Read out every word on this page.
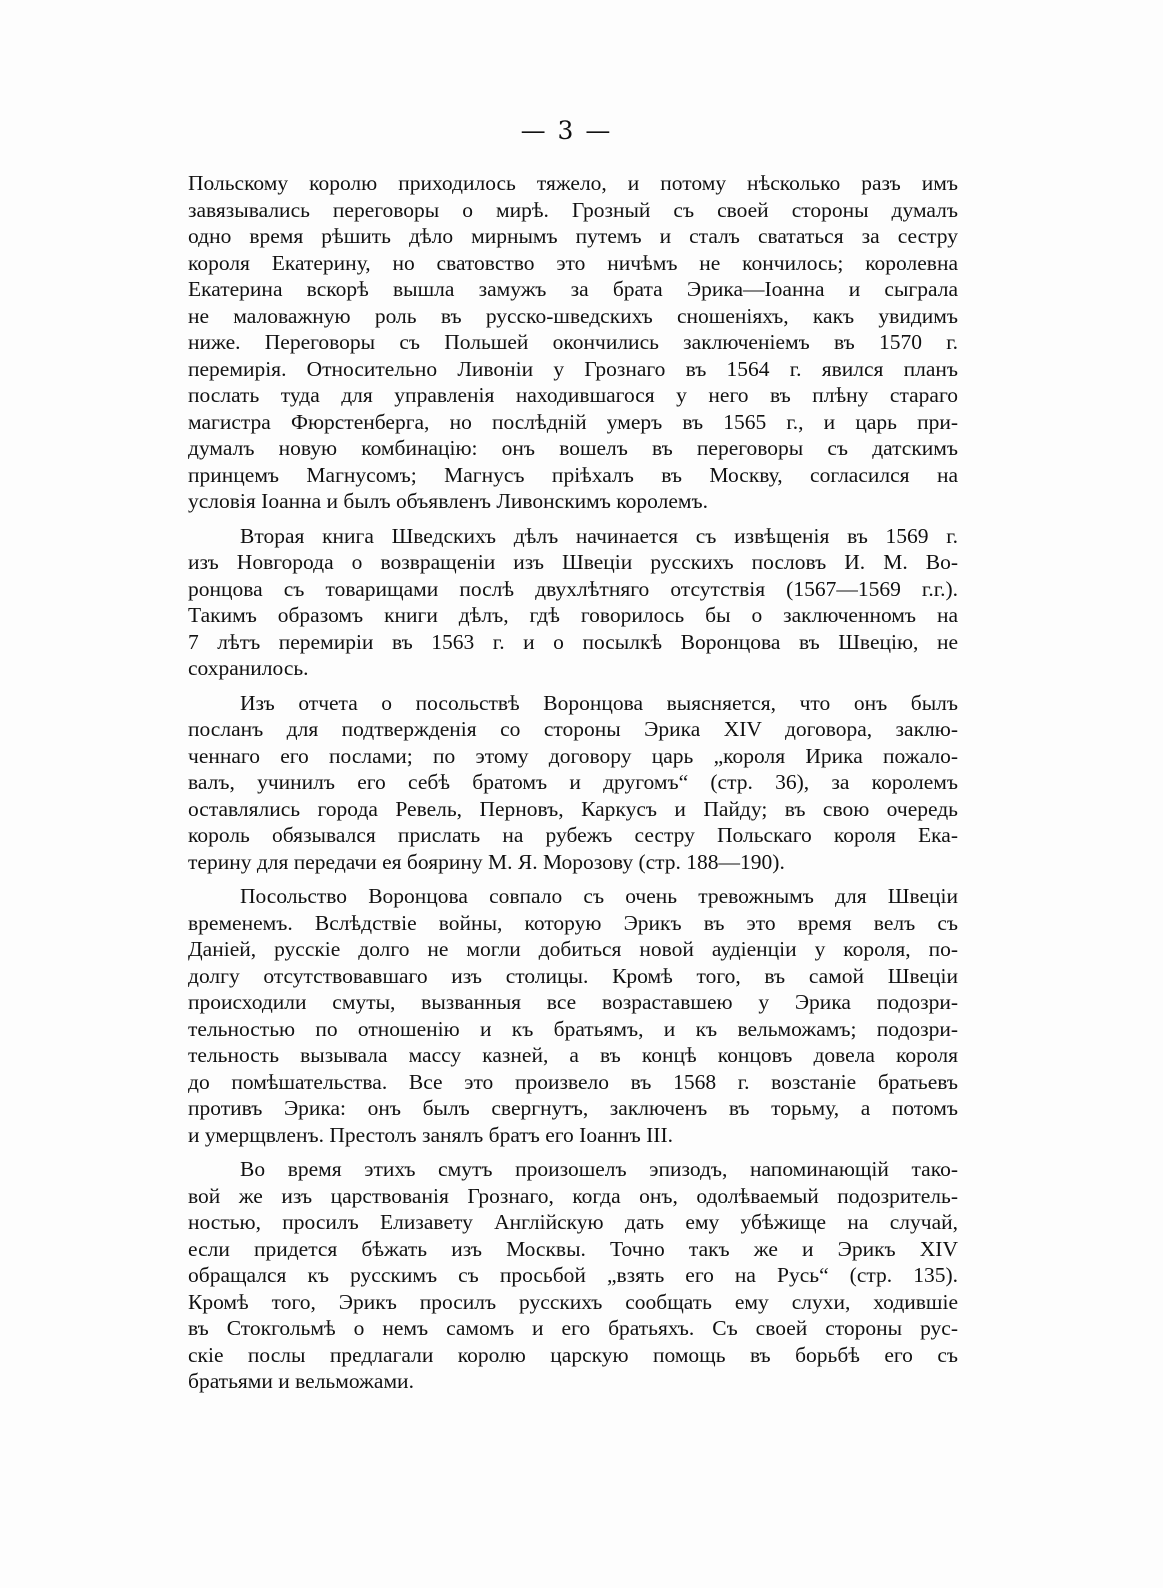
— 3 —
Польскому королю приходилось тяжело, и потому нѣсколько разъ имъ
завязывались переговоры о мирѣ. Грозный съ своей стороны думалъ
одно время рѣшить дѣло мирнымъ путемъ и сталъ свататься за сестру
короля Екатерину, но сватовство это ничѣмъ не кончилось; королевна
Екатерина вскорѣ вышла замужъ за брата Эрика—Іоанна и сыграла
не маловажную роль въ русско-шведскихъ сношеніяхъ, какъ увидимъ
ниже. Переговоры съ Польшей окончились заключеніемъ въ 1570 г.
перемирія. Относительно Ливоніи у Грознаго въ 1564 г. явился планъ
послать туда для управленія находившагося у него въ плѣну стараго
магистра Фюрстенберга, но послѣдній умеръ въ 1565 г., и царь при-
думалъ новую комбинацію: онъ вошелъ въ переговоры съ датскимъ
принцемъ Магнусомъ; Магнусъ пріѣхалъ въ Москву, согласился на
условія Іоанна и былъ объявленъ Ливонскимъ королемъ.
Вторая книга Шведскихъ дѣлъ начинается съ извѣщенія въ 1569 г.
изъ Новгорода о возвращеніи изъ Швеціи русскихъ пословъ И. М. Во-
ронцова съ товарищами послѣ двухлѣтняго отсутствія (1567—1569 г.г.).
Такимъ образомъ книги дѣлъ, гдѣ говорилось бы о заключенномъ на
7 лѣтъ перемиріи въ 1563 г. и о посылкѣ Воронцова въ Швецію, не
сохранилось.
Изъ отчета о посольствѣ Воронцова выясняется, что онъ былъ
посланъ для подтвержденія со стороны Эрика XIV договора, заклю-
ченнаго его послами; по этому договору царь „короля Ирика пожало-
валъ, учинилъ его себѣ братомъ и другомъ“ (стр. 36), за королемъ
оставлялись города Ревель, Перновъ, Каркусъ и Пайду; въ свою очередь
король обязывался прислать на рубежъ сестру Польскаго короля Ека-
терину для передачи ея боярину М. Я. Морозову (стр. 188—190).
Посольство Воронцова совпало съ очень тревожнымъ для Швеціи
временемъ. Вслѣдствіе войны, которую Эрикъ въ это время велъ съ
Даніей, русскіе долго не могли добиться новой аудіенціи у короля, по-
долгу отсутствовавшаго изъ столицы. Кромѣ того, въ самой Швеціи
происходили смуты, вызванныя все возраставшею у Эрика подозри-
тельностью по отношенію и къ братьямъ, и къ вельможамъ; подозри-
тельность вызывала массу казней, а въ концѣ концовъ довела короля
до помѣшательства. Все это произвело въ 1568 г. возстаніе братьевъ
противъ Эрика: онъ былъ свергнутъ, заключенъ въ торьму, а потомъ
и умерщвленъ. Престолъ занялъ братъ его Іоаннъ III.
Во время этихъ смутъ произошелъ эпизодъ, напоминающій тако-
вой же изъ царствованія Грознаго, когда онъ, одолѣваемый подозритель-
ностью, просилъ Елизавету Англійскую дать ему убѣжище на случай,
если придется бѣжать изъ Москвы. Точно такъ же и Эрикъ XIV
обращался къ русскимъ съ просьбой „взять его на Русь“ (стр. 135).
Кромѣ того, Эрикъ просилъ русскихъ сообщать ему слухи, ходившіе
въ Стокгольмѣ о немъ самомъ и его братьяхъ. Съ своей стороны рус-
скіе послы предлагали королю царскую помощь въ борьбѣ его съ
братьями и вельможами.
